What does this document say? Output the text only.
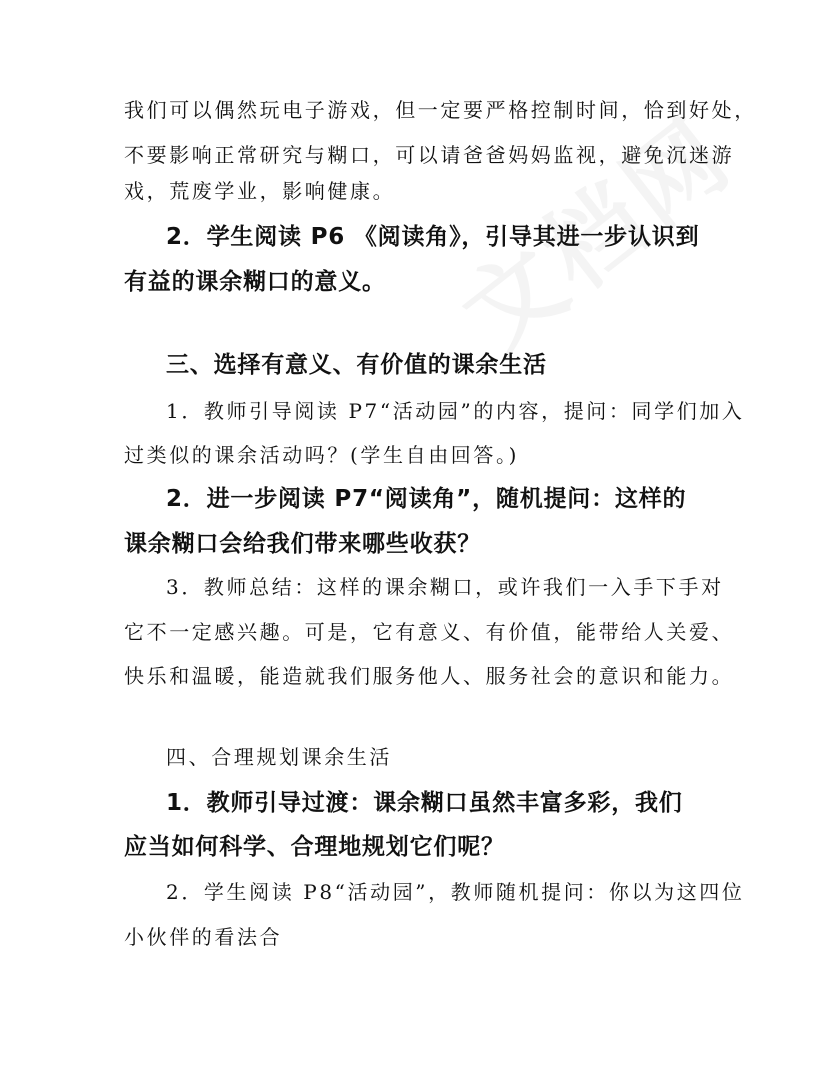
我们可以偶然玩电子游戏，但一定要严格控制时间，恰到好处，
不要影响正常研究与糊口，可以请爸爸妈妈监视，避免沉迷游
戏，荒废学业，影响健康。
2．学生阅读 P6 《阅读角》，引导其进一步认识到
有益的课余糊口的意义。
三、选择有意义、有价值的课余生活
1．教师引导阅读 P7“活动园”的内容，提问：同学们加入
过类似的课余活动吗？(学生自由回答。)
2．进一步阅读 P7“阅读角”，随机提问：这样的
课余糊口会给我们带来哪些收获？
3．教师总结：这样的课余糊口，或许我们一入手下手对
它不一定感兴趣。可是，它有意义、有价值，能带给人关爱、
快乐和温暖，能造就我们服务他人、服务社会的意识和能力。
四、合理规划课余生活
1．教师引导过渡：课余糊口虽然丰富多彩，我们
应当如何科学、合理地规划它们呢？
2．学生阅读 P8“活动园”，教师随机提问：你以为这四位
小伙伴的看法合
